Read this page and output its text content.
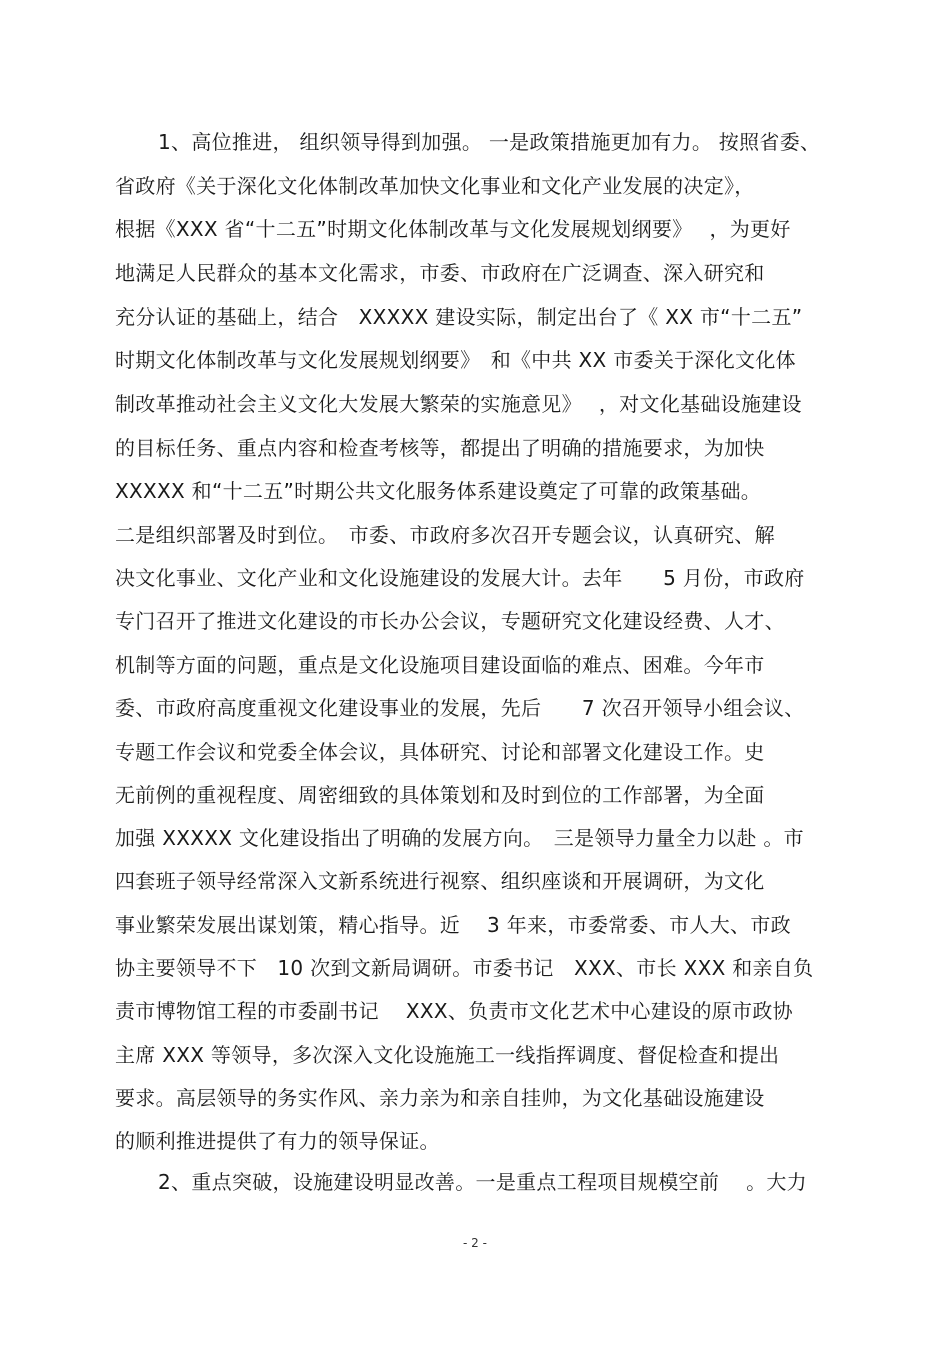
1、高位推进， 组织领导得到加强。 一是政策措施更加有力。 按照省委、
省政府《关于深化文化体制改革加快文化事业和文化产业发展的决定》，
根据《XXX 省“十二五”时期文化体制改革与文化发展规划纲要》　 ，为更好
地满足人民群众的基本文化需求，市委、市政府在广泛调查、深入研究和
充分认证的基础上，结合　XXXXX 建设实际，制定出台了《 XX 市“十二五”
时期文化体制改革与文化发展规划纲要》　和《中共 XX 市委关于深化文化体
制改革推动社会主义文化大发展大繁荣的实施意见》　 ，对文化基础设施建设
的目标任务、重点内容和检查考核等，都提出了明确的措施要求，为加快
XXXXX 和“十二五”时期公共文化服务体系建设奠定了可靠的政策基础。
二是组织部署及时到位。　市委、市政府多次召开专题会议，认真研究、解
决文化事业、文化产业和文化设施建设的发展大计。去年　　5 月份，市政府
专门召开了推进文化建设的市长办公会议，专题研究文化建设经费、人才、
机制等方面的问题，重点是文化设施项目建设面临的难点、困难。今年市
委、市政府高度重视文化建设事业的发展，先后　　7 次召开领导小组会议、
专题工作会议和党委全体会议，具体研究、讨论和部署文化建设工作。史
无前例的重视程度、周密细致的具体策划和及时到位的工作部署，为全面
加强 XXXXX 文化建设指出了明确的发展方向。　三是领导力量全力以赴 。市
四套班子领导经常深入文新系统进行视察、组织座谈和开展调研，为文化
事业繁荣发展出谋划策，精心指导。近　 3 年来，市委常委、市人大、市政
协主要领导不下　10 次到文新局调研。市委书记　XXX、市长 XXX 和亲自负
责市博物馆工程的市委副书记　 XXX、负责市文化艺术中心建设的原市政协
主席 XXX 等领导，多次深入文化设施施工一线指挥调度、督促检查和提出
要求。高层领导的务实作风、亲力亲为和亲自挂帅，为文化基础设施建设
的顺利推进提供了有力的领导保证。
2、重点突破，设施建设明显改善。一是重点工程项目规模空前　 。大力
- 2 -
